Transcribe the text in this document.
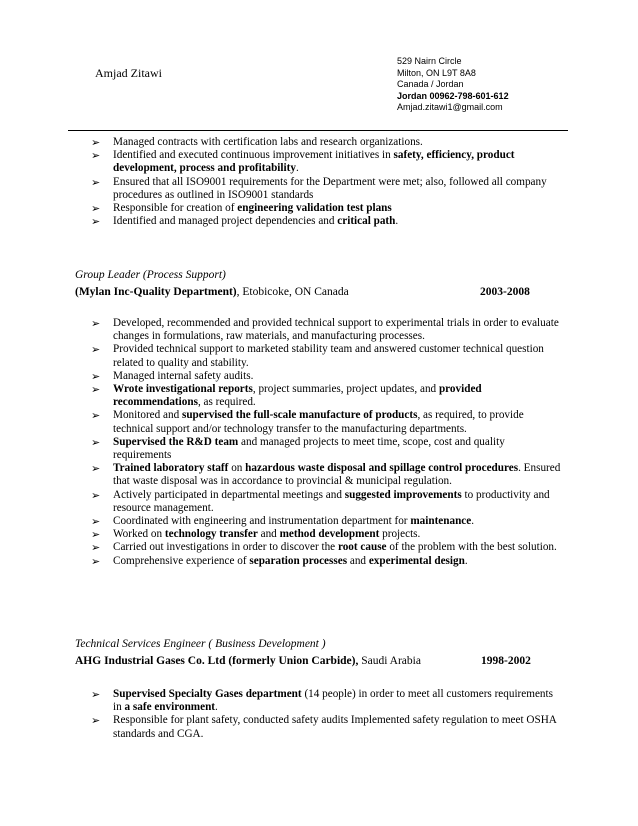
Amjad Zitawi
529 Nairn Circle
Milton, ON L9T 8A8
Canada / Jordan
Jordan 00962-798-601-612
Amjad.zitawi1@gmail.com
➢ Managed contracts with certification labs and research organizations.
➢ Identified and executed continuous improvement initiatives in safety, efficiency, product development, process and profitability.
➢ Ensured that all ISO9001 requirements for the Department were met; also, followed all company procedures as outlined in ISO9001 standards
➢ Responsible for creation of engineering validation test plans
➢ Identified and managed project dependencies and critical path.
Group Leader (Process Support)
(Mylan Inc-Quality Department), Etobicoke, ON Canada	2003-2008
➢ Developed, recommended and provided technical support to experimental trials in order to evaluate changes in formulations, raw materials, and manufacturing processes.
➢ Provided technical support to marketed stability team and answered customer technical question related to quality and stability.
➢ Managed internal safety audits.
➢ Wrote investigational reports, project summaries, project updates, and provided recommendations, as required.
➢ Monitored and supervised the full-scale manufacture of products, as required, to provide technical support and/or technology transfer to the manufacturing departments.
➢ Supervised the R&D team and managed projects to meet time, scope, cost and quality requirements
➢ Trained laboratory staff on hazardous waste disposal and spillage control procedures. Ensured that waste disposal was in accordance to provincial & municipal regulation.
➢ Actively participated in departmental meetings and suggested improvements to productivity and resource management.
➢ Coordinated with engineering and instrumentation department for maintenance.
➢ Worked on technology transfer and method development projects.
➢ Carried out investigations in order to discover the root cause of the problem with the best solution.
➢ Comprehensive experience of separation processes and experimental design.
Technical Services Engineer ( Business Development )
AHG Industrial Gases Co. Ltd (formerly Union Carbide), Saudi Arabia	1998-2002
➢ Supervised Specialty Gases department (14 people) in order to meet all customers requirements in a safe environment.
➢ Responsible for plant safety, conducted safety audits Implemented safety regulation to meet OSHA standards and CGA.
